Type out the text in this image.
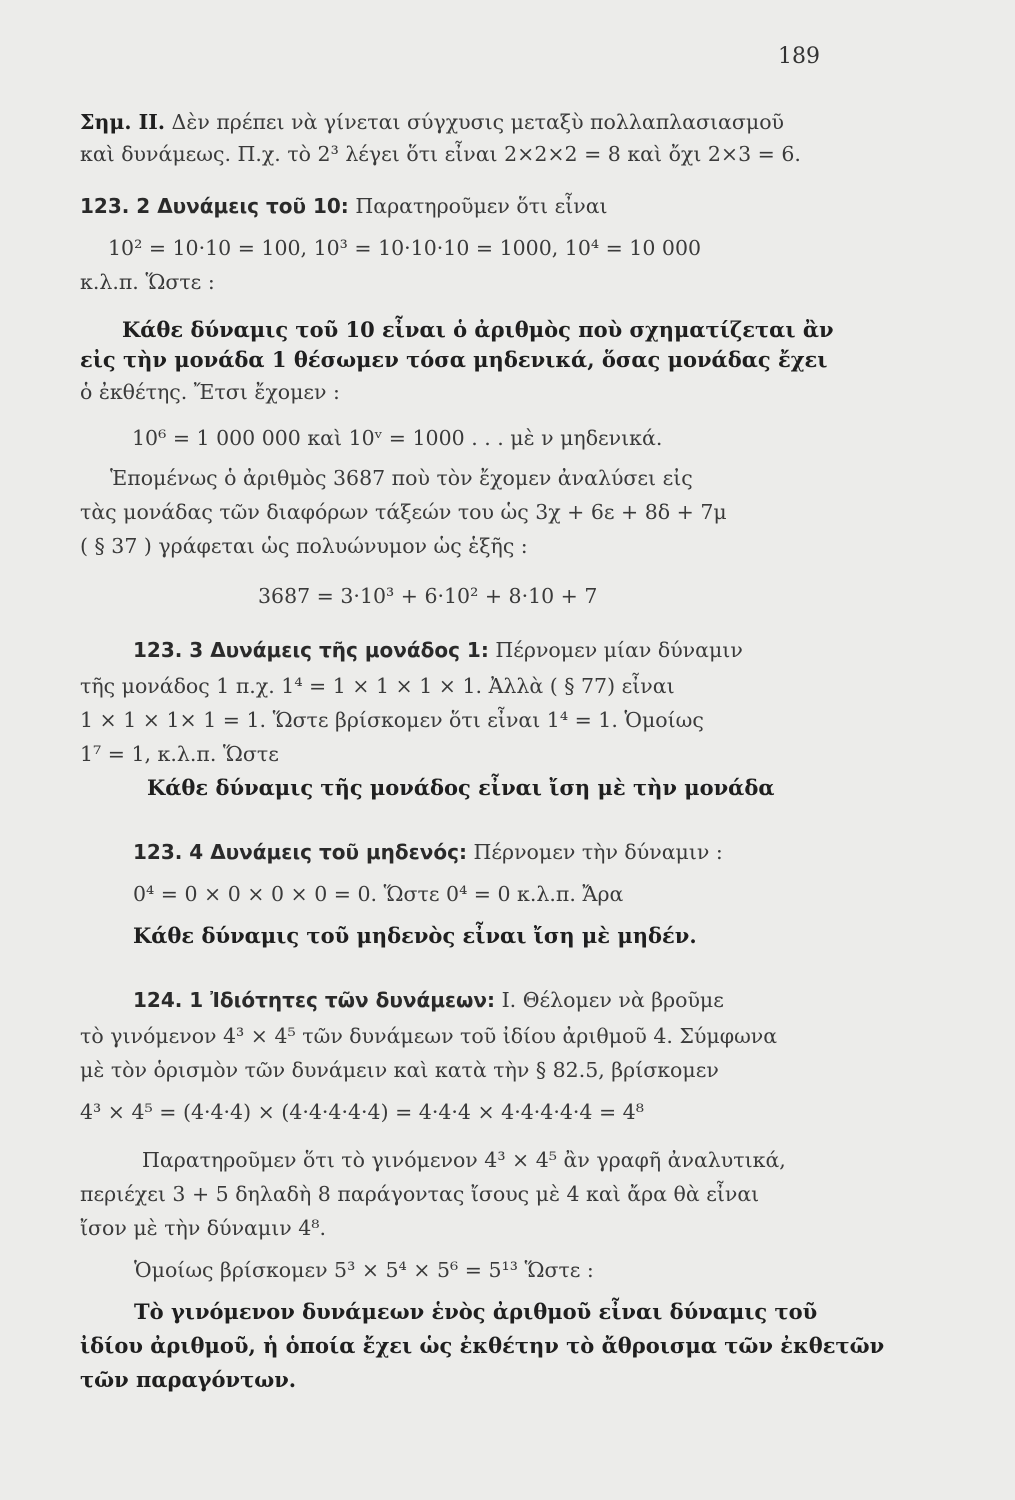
189
Σημ. ΙΙ. Δὲν πρέπει νὰ γίνεται σύγχυσις μεταξὺ πολλαπλασιασμοῦ
καὶ δυνάμεως. Π.χ. τὸ 2³ λέγει ὅτι εἶναι 2×2×2 = 8 καὶ ὄχι 2×3 = 6.
123. 2 Δυνάμεις τοῦ 10: Παρατηροῦμεν ὅτι εἶναι
10² = 10·10 = 100, 10³ = 10·10·10 = 1000, 10⁴ = 10 000
κ.λ.π. Ὥστε :
Κάθε δύναμις τοῦ 10 εἶναι ὁ ἀριθμὸς ποὺ σχηματίζεται ἂν
εἰς τὴν μονάδα 1 θέσωμεν τόσα μηδενικά, ὅσας μονάδας ἔχει
ὁ ἐκθέτης. Ἔτσι ἔχομεν :
10⁶ = 1 000 000 καὶ 10ᵛ = 1000 . . . μὲ ν μηδενικά.
Ἑπομένως ὁ ἀριθμὸς 3687 ποὺ τὸν ἔχομεν ἀναλύσει εἰς
τὰς μονάδας τῶν διαφόρων τάξεών του ὡς 3χ + 6ε + 8δ + 7μ
( § 37 ) γράφεται ὡς πολυώνυμον ὡς ἑξῆς :
3687 = 3·10³ + 6·10² + 8·10 + 7
123. 3 Δυνάμεις τῆς μονάδος 1: Πέρνομεν μίαν δύναμιν
τῆς μονάδος 1 π.χ. 1⁴ = 1 × 1 × 1 × 1. Ἀλλὰ ( § 77) εἶναι
1 × 1 × 1× 1 = 1. Ὥστε βρίσκομεν ὅτι εἶναι 1⁴ = 1. Ὁμοίως
1⁷ = 1, κ.λ.π. Ὥστε
Κάθε δύναμις τῆς μονάδος εἶναι ἴση μὲ τὴν μονάδα
123. 4 Δυνάμεις τοῦ μηδενός: Πέρνομεν τὴν δύναμιν :
0⁴ = 0 × 0 × 0 × 0 = 0. Ὥστε 0⁴ = 0 κ.λ.π. Ἄρα
Κάθε δύναμις τοῦ μηδενὸς εἶναι ἴση μὲ μηδέν.
124. 1 Ἰδιότητες τῶν δυνάμεων: Ι. Θέλομεν νὰ βροῦμε
τὸ γινόμενον 4³ × 4⁵ τῶν δυνάμεων τοῦ ἰδίου ἀριθμοῦ 4. Σύμφωνα
μὲ τὸν ὁρισμὸν τῶν δυνάμειν καὶ κατὰ τὴν § 82.5, βρίσκομεν
4³ × 4⁵ = (4·4·4) × (4·4·4·4·4) = 4·4·4 × 4·4·4·4·4 = 4⁸
Παρατηροῦμεν ὅτι τὸ γινόμενον 4³ × 4⁵ ἂν γραφῆ ἀναλυτικά,
περιέχει 3 + 5 δηλαδὴ 8 παράγοντας ἴσους μὲ 4 καὶ ἄρα θὰ εἶναι
ἴσον μὲ τὴν δύναμιν 4⁸.
Ὁμοίως βρίσκομεν 5³ × 5⁴ × 5⁶ = 5¹³ Ὥστε :
Τὸ γινόμενον δυνάμεων ἑνὸς ἀριθμοῦ εἶναι δύναμις τοῦ
ἰδίου ἀριθμοῦ, ἡ ὁποία ἔχει ὡς ἐκθέτην τὸ ἄθροισμα τῶν ἐκθετῶν
τῶν παραγόντων.
